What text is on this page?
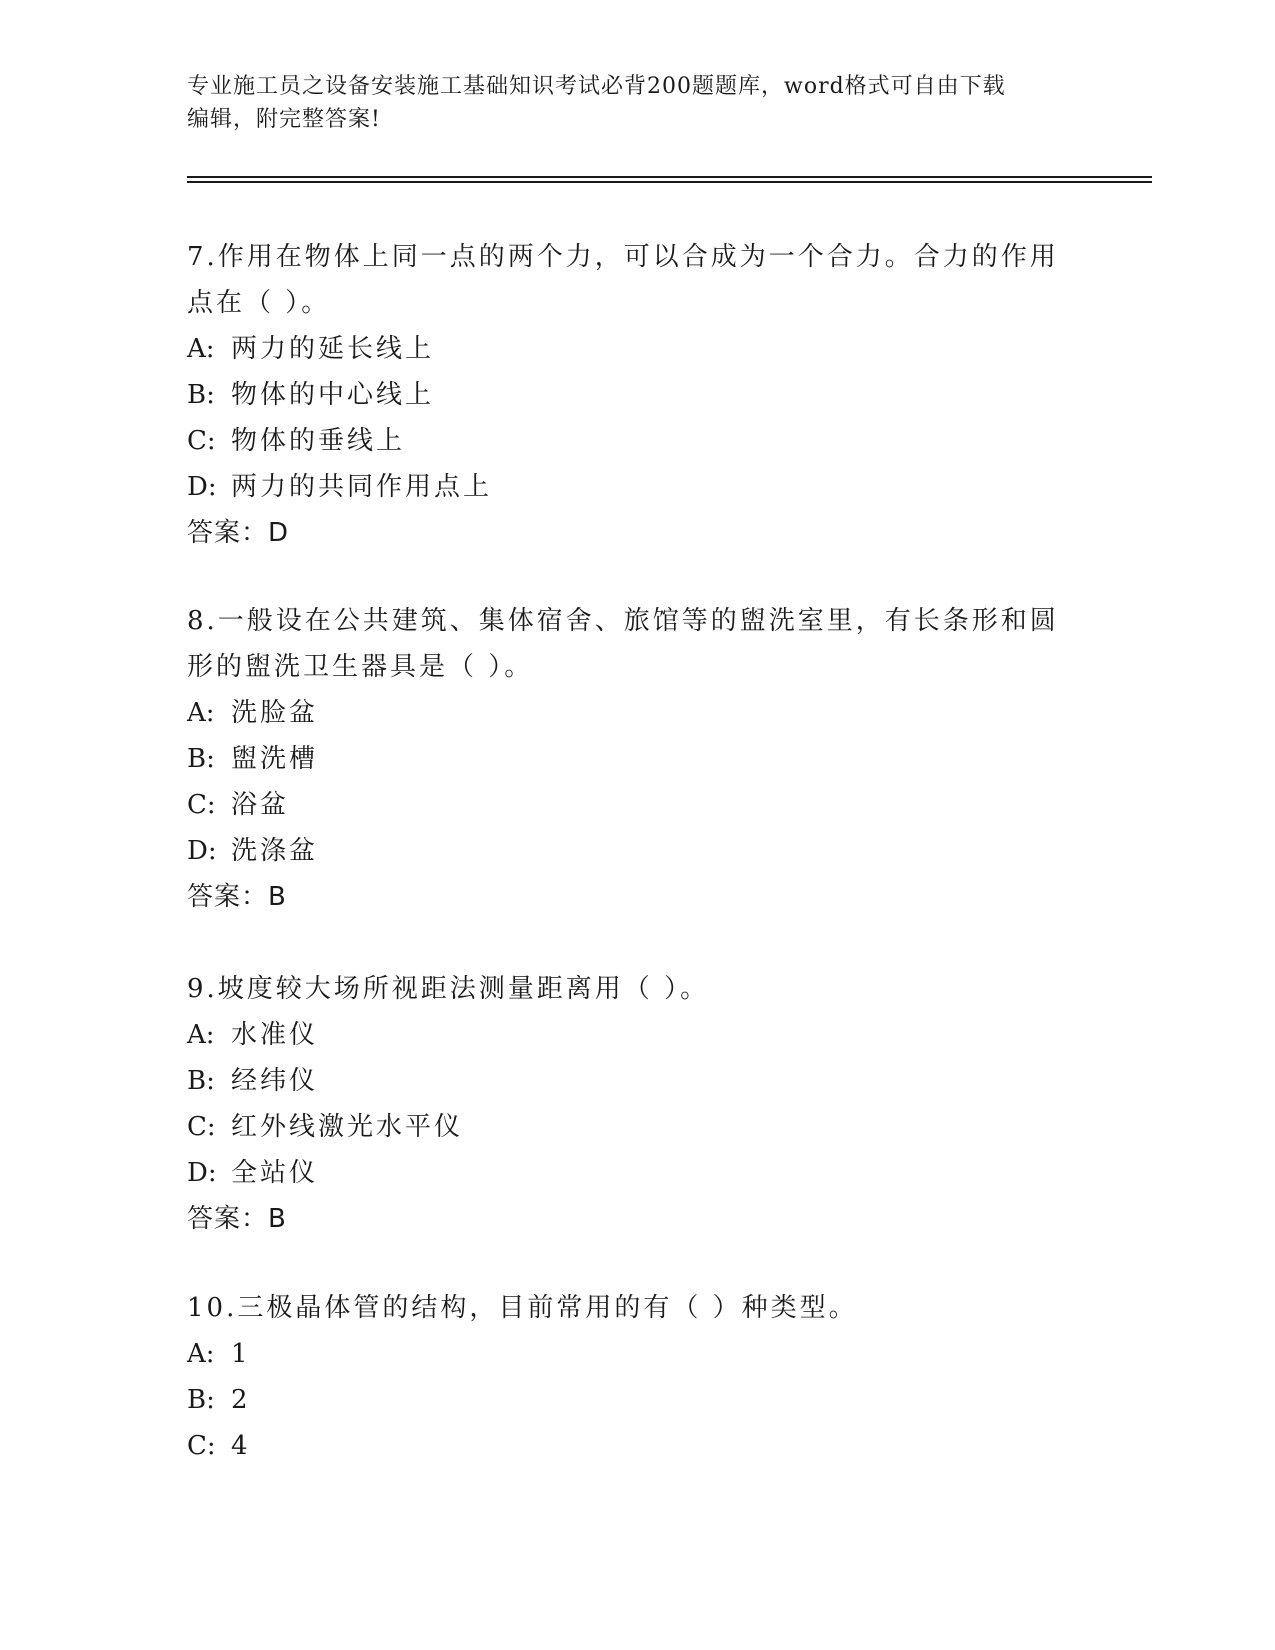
专业施工员之设备安装施工基础知识考试必背200题题库，word格式可自由下载
编辑，附完整答案!
7.作用在物体上同一点的两个力，可以合成为一个合力。合力的作用
点在（ ）。
A: 两力的延长线上
B: 物体的中心线上
C: 物体的垂线上
D: 两力的共同作用点上
答案：D
8.一般设在公共建筑、集体宿舍、旅馆等的盥洗室里，有长条形和圆
形的盥洗卫生器具是（ ）。
A: 洗脸盆
B: 盥洗槽
C: 浴盆
D: 洗涤盆
答案：B
9.坡度较大场所视距法测量距离用（ ）。
A: 水准仪
B: 经纬仪
C: 红外线激光水平仪
D: 全站仪
答案：B
10.三极晶体管的结构，目前常用的有（ ）种类型。
A: 1
B: 2
C: 4
